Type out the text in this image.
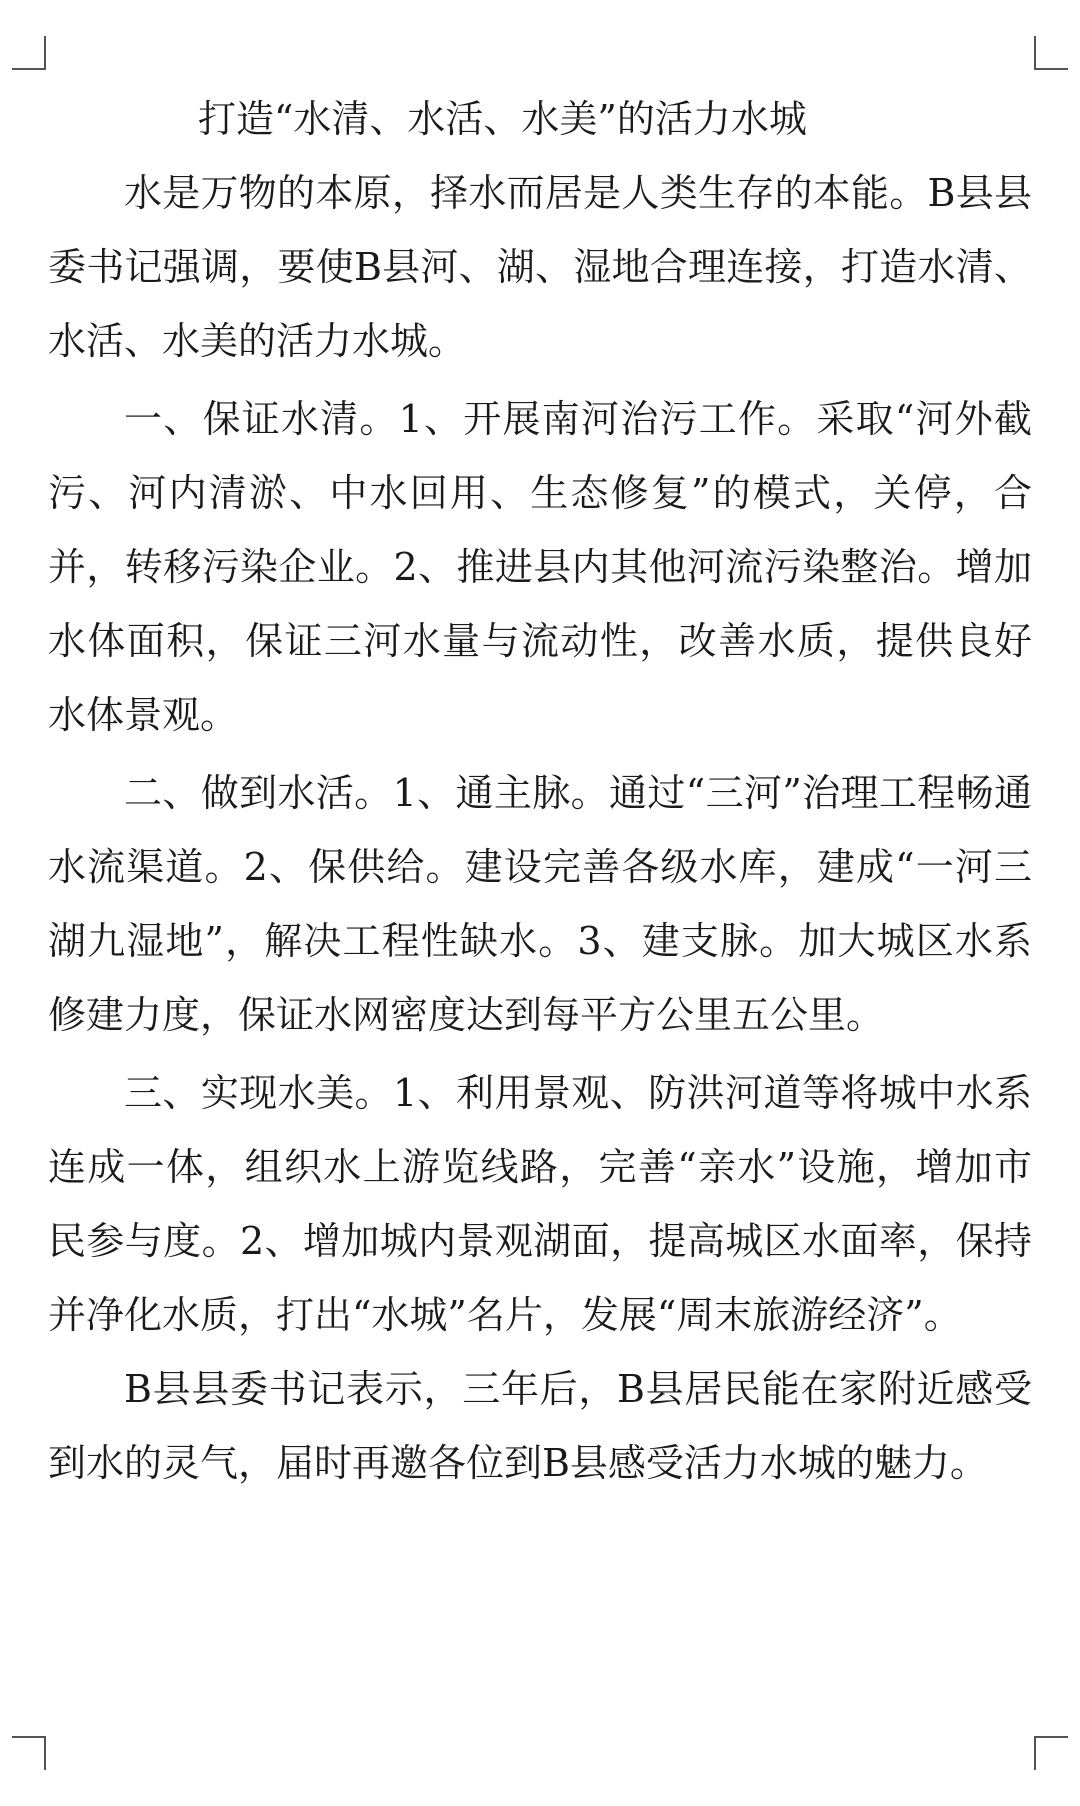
打造“水清、水活、水美”的活力水城

水是万物的本原，择水而居是人类生存的本能。B县县委书记强调，要使B县河、湖、湿地合理连接，打造水清、水活、水美的活力水城。

一、保证水清。1、开展南河治污工作。采取“河外截污、河内清淤、中水回用、生态修复”的模式，关停，合并，转移污染企业。2、推进县内其他河流污染整治。增加水体面积，保证三河水量与流动性，改善水质，提供良好水体景观。

二、做到水活。1、通主脉。通过“三河”治理工程畅通水流渠道。2、保供给。建设完善各级水库，建成“一河三湖九湿地”，解决工程性缺水。3、建支脉。加大城区水系修建力度，保证水网密度达到每平方公里五公里。

三、实现水美。1、利用景观、防洪河道等将城中水系连成一体，组织水上游览线路，完善“亲水”设施，增加市民参与度。2、增加城内景观湖面，提高城区水面率，保持并净化水质，打出“水城”名片，发展“周末旅游经济”。

B县县委书记表示，三年后，B县居民能在家附近感受到水的灵气，届时再邀各位到B县感受活力水城的魅力。
